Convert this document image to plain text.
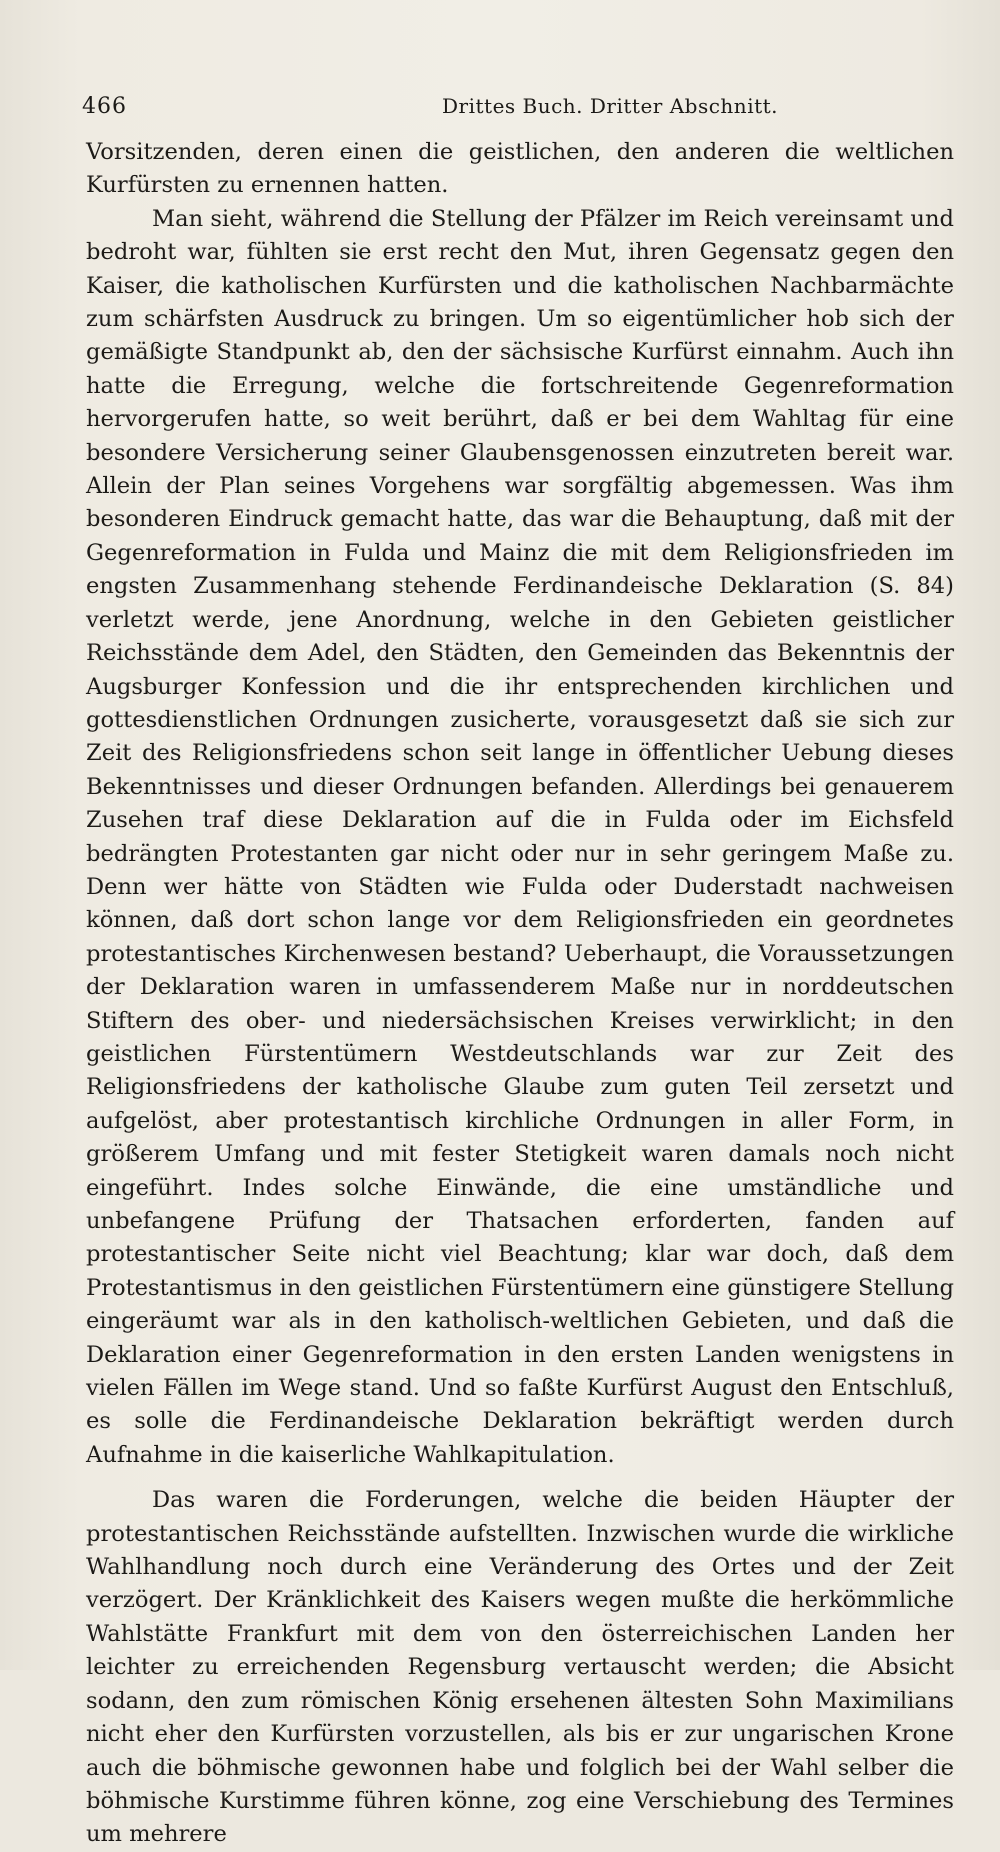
466	Drittes Buch. Dritter Abschnitt.

Vorsitzenden, deren einen die geistlichen, den anderen die weltlichen Kurfürsten zu ernennen hatten.

Man sieht, während die Stellung der Pfälzer im Reich vereinsamt und bedroht war, fühlten sie erst recht den Mut, ihren Gegensatz gegen den Kaiser, die katholischen Kurfürsten und die katholischen Nachbarmächte zum schärfsten Ausdruck zu bringen. Um so eigentümlicher hob sich der gemäßigte Standpunkt ab, den der sächsische Kurfürst einnahm. Auch ihn hatte die Erregung, welche die fortschreitende Gegenreformation hervorgerufen hatte, so weit berührt, daß er bei dem Wahltag für eine besondere Versicherung seiner Glaubensgenossen einzutreten bereit war. Allein der Plan seines Vorgehens war sorgfältig abgemessen. Was ihm besonderen Eindruck gemacht hatte, das war die Behauptung, daß mit der Gegenreformation in Fulda und Mainz die mit dem Religionsfrieden im engsten Zusammenhang stehende Ferdinandeische Deklaration (S. 84) verletzt werde, jene Anordnung, welche in den Gebieten geistlicher Reichsstände dem Adel, den Städten, den Gemeinden das Bekenntnis der Augsburger Konfession und die ihr entsprechenden kirchlichen und gottesdienstlichen Ordnungen zusicherte, vorausgesetzt daß sie sich zur Zeit des Religionsfriedens schon seit lange in öffentlicher Uebung dieses Bekenntnisses und dieser Ordnungen befanden. Allerdings bei genauerem Zusehen traf diese Deklaration auf die in Fulda oder im Eichsfeld bedrängten Protestanten gar nicht oder nur in sehr geringem Maße zu. Denn wer hätte von Städten wie Fulda oder Duderstadt nachweisen können, daß dort schon lange vor dem Religionsfrieden ein geordnetes protestantisches Kirchenwesen bestand? Ueberhaupt, die Voraussetzungen der Deklaration waren in umfassenderem Maße nur in norddeutschen Stiftern des ober- und niedersächsischen Kreises verwirklicht; in den geistlichen Fürstentümern Westdeutschlands war zur Zeit des Religionsfriedens der katholische Glaube zum guten Teil zersetzt und aufgelöst, aber protestantisch kirchliche Ordnungen in aller Form, in größerem Umfang und mit fester Stetigkeit waren damals noch nicht eingeführt. Indes solche Einwände, die eine umständliche und unbefangene Prüfung der Thatsachen erforderten, fanden auf protestantischer Seite nicht viel Beachtung; klar war doch, daß dem Protestantismus in den geistlichen Fürstentümern eine günstigere Stellung eingeräumt war als in den katholisch-weltlichen Gebieten, und daß die Deklaration einer Gegenreformation in den ersten Landen wenigstens in vielen Fällen im Wege stand. Und so faßte Kurfürst August den Entschluß, es solle die Ferdinandeische Deklaration bekräftigt werden durch Aufnahme in die kaiserliche Wahlkapitulation.

Das waren die Forderungen, welche die beiden Häupter der protestantischen Reichsstände aufstellten. Inzwischen wurde die wirkliche Wahlhandlung noch durch eine Veränderung des Ortes und der Zeit verzögert. Der Kränklichkeit des Kaisers wegen mußte die herkömmliche Wahlstätte Frankfurt mit dem von den österreichischen Landen her leichter zu erreichenden Regensburg vertauscht werden; die Absicht sodann, den zum römischen König ersehenen ältesten Sohn Maximilians nicht eher den Kurfürsten vorzustellen, als bis er zur ungarischen Krone auch die böhmische gewonnen habe und folglich bei der Wahl selber die böhmische Kurstimme führen könne, zog eine Verschiebung des Termines um mehrere
